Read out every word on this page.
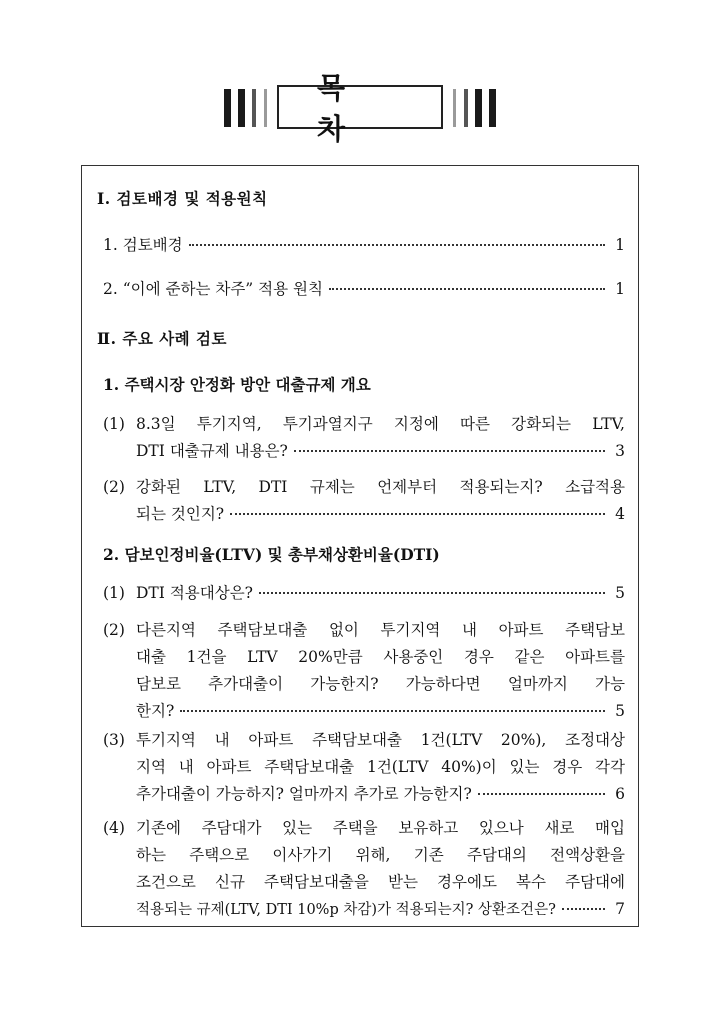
목 차
Ⅰ. 검토배경 및 적용원칙
1. 검토배경	1
2. “이에 준하는 차주” 적용 원칙	1
Ⅱ. 주요 사례 검토
1. 주택시장 안정화 방안 대출규제 개요
(1) 8.3일 투기지역, 투기과열지구 지정에 따른 강화되는 LTV,
DTI 대출규제 내용은?	3
(2) 강화된 LTV, DTI 규제는 언제부터 적용되는지? 소급적용
되는 것인지?	4
2. 담보인정비율(LTV) 및 총부채상환비율(DTI)
(1) DTI 적용대상은?	5
(2) 다른지역 주택담보대출 없이 투기지역 내 아파트 주택담보
대출 1건을 LTV 20%만큼 사용중인 경우 같은 아파트를
담보로 추가대출이 가능한지? 가능하다면 얼마까지 가능
한지?	5
(3) 투기지역 내 아파트 주택담보대출 1건(LTV 20%), 조정대상
지역 내 아파트 주택담보대출 1건(LTV 40%)이 있는 경우 각각
추가대출이 가능하지? 얼마까지 추가로 가능한지?	6
(4) 기존에 주담대가 있는 주택을 보유하고 있으나 새로 매입
하는 주택으로 이사가기 위해, 기존 주담대의 전액상환을
조건으로 신규 주택담보대출을 받는 경우에도 복수 주담대에
적용되는 규제(LTV, DTI 10%p 차감)가 적용되는지? 상환조건은?	7
